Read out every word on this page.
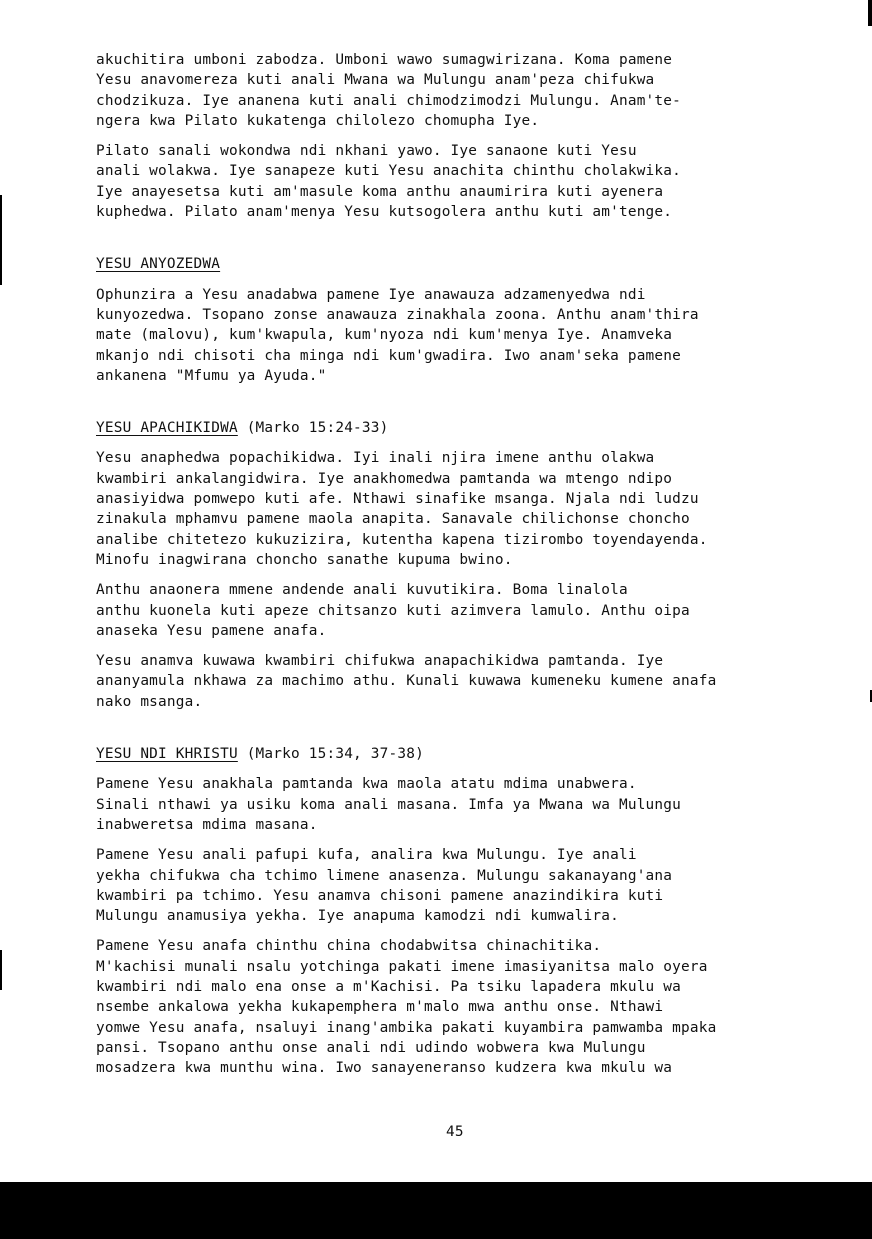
akuchitira umboni zabodza. Umboni wawo sumagwirizana. Koma pamene
Yesu anavomereza kuti anali Mwana wa Mulungu anam'peza chifukwa
chodzikuza. Iye ananena kuti anali chimodzimodzi Mulungu. Anam'te-
ngera kwa Pilato kukatenga chilolezo chomupha Iye.

Pilato sanali wokondwa ndi nkhani yawo. Iye sanaone kuti Yesu
anali wolakwa. Iye sanapeze kuti Yesu anachita chinthu cholakwika.
Iye anayesetsa kuti am'masule koma anthu anaumirira kuti ayenera
kuphedwa. Pilato anam'menya Yesu kutsogolera anthu kuti am'tenge.

YESU ANYOZEDWA

Ophunzira a Yesu anadabwa pamene Iye anawauza adzamenyedwa ndi
kunyozedwa. Tsopano zonse anawauza zinakhala zoona. Anthu anam'thira
mate (malovu), kum'kwapula, kum'nyoza ndi kum'menya Iye. Anamveka
mkanjo ndi chisoti cha minga ndi kum'gwadira. Iwo anam'seka pamene
ankanena "Mfumu ya Ayuda."

YESU APACHIKIDWA (Marko 15:24-33)

Yesu anaphedwa popachikidwa. Iyi inali njira imene anthu olakwa
kwambiri ankalangidwira. Iye anakhomedwa pamtanda wa mtengo ndipo
anasiyidwa pomwepo kuti afe. Nthawi sinafike msanga. Njala ndi ludzu
zinakula mphamvu pamene maola anapita. Sanavale chilichonse choncho
analibe chitetezo kukuzizira, kutentha kapena tizirombo toyendayenda.
Minofu inagwirana choncho sanathe kupuma bwino.

Anthu anaonera mmene andende anali kuvutikira. Boma linalola
anthu kuonela kuti apeze chitsanzo kuti azimvera lamulo. Anthu oipa
anaseka Yesu pamene anafa.

Yesu anamva kuwawa kwambiri chifukwa anapachikidwa pamtanda. Iye
ananyamula nkhawa za machimo athu. Kunali kuwawa kumeneku kumene anafa
nako msanga.

YESU NDI KHRISTU (Marko 15:34, 37-38)

Pamene Yesu anakhala pamtanda kwa maola atatu mdima unabwera.
Sinali nthawi ya usiku koma anali masana. Imfa ya Mwana wa Mulungu
inabweretsa mdima masana.

Pamene Yesu anali pafupi kufa, analira kwa Mulungu. Iye anali
yekha chifukwa cha tchimo limene anasenza. Mulungu sakanayang'ana
kwambiri pa tchimo. Yesu anamva chisoni pamene anazindikira kuti
Mulungu anamusiya yekha. Iye anapuma kamodzi ndi kumwalira.

Pamene Yesu anafa chinthu china chodabwitsa chinachitika.
M'kachisi munali nsalu yotchinga pakati imene imasiyanitsa malo oyera
kwambiri ndi malo ena onse a m'Kachisi. Pa tsiku lapadera mkulu wa
nsembe ankalowa yekha kukapemphera m'malo mwa anthu onse. Nthawi
yomwe Yesu anafa, nsaluyi inang'ambika pakati kuyambira pamwamba mpaka
pansi. Tsopano anthu onse anali ndi udindo wobwera kwa Mulungu
mosadzera kwa munthu wina. Iwo sanayeneranso kudzera kwa mkulu wa

45
